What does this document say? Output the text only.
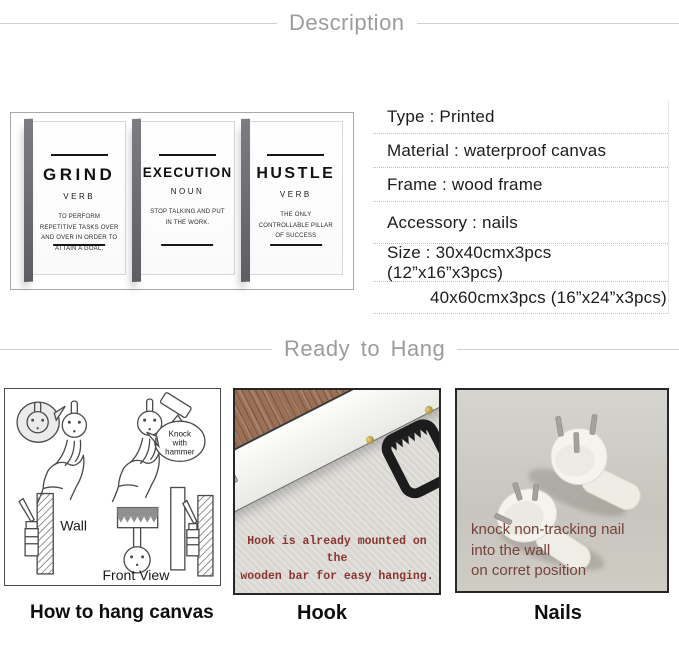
Description
GRIND
VERB
TO PERFORM REPETITIVE TASKS OVER AND OVER IN ORDER TO ATTAIN A GOAL.
EXECUTION
NOUN
STOP TALKING AND PUT IN THE WORK.
HUSTLE
VERB
THE ONLY CONTROLLABLE PILLAR OF SUCCESS
Type : Printed
Material : waterproof canvas
Frame : wood frame
Accessory : nails
Size : 30x40cmx3pcs (12”x16”x3pcs)
40x60cmx3pcs (16”x24”x3pcs)
Ready to Hang
Knock
with
hammer
Wall
Front View
Hook is already mounted on the
wooden bar for easy hanging.
knock non-tracking nail
into the wall
on corret position
How to hang canvas	Hook	Nails
